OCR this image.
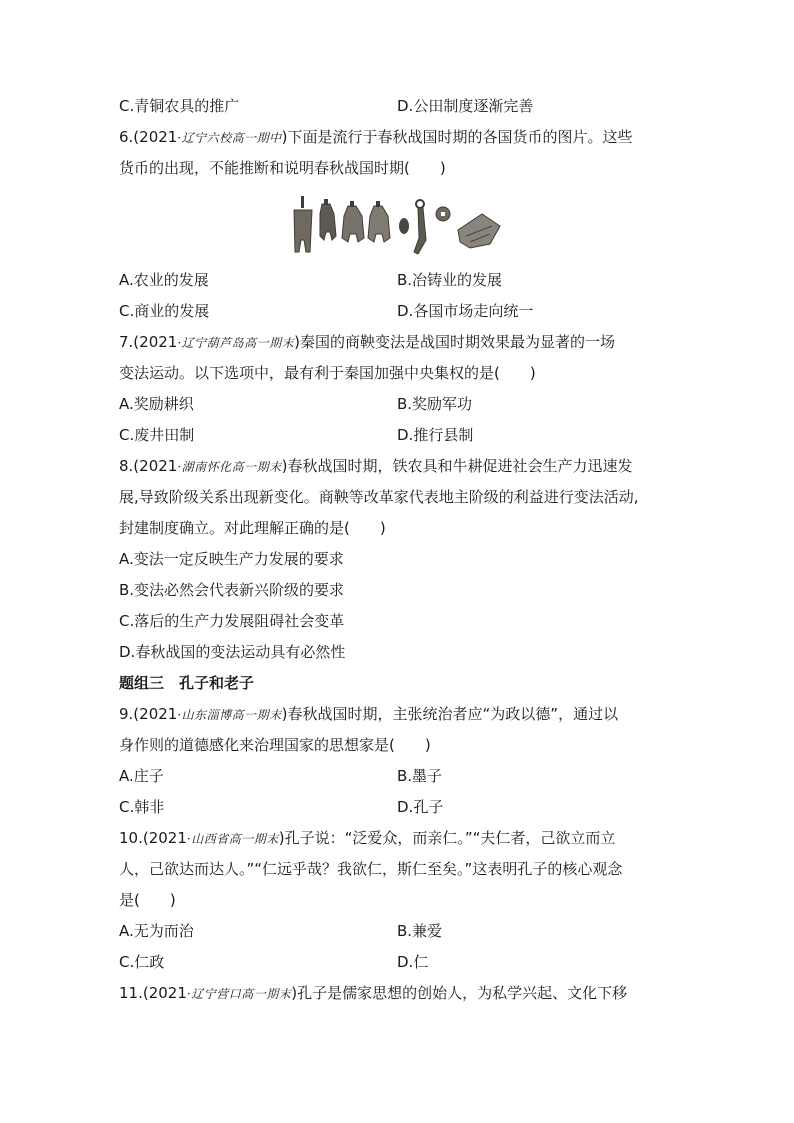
C.青铜农具的推广	D.公田制度逐渐完善
6.(2021·辽宁六校高一期中)下面是流行于春秋战国时期的各国货币的图片。这些
货币的出现，不能推断和说明春秋战国时期(　　)
A.农业的发展	B.冶铸业的发展
C.商业的发展	D.各国市场走向统一
7.(2021·辽宁葫芦岛高一期末)秦国的商鞅变法是战国时期效果最为显著的一场
变法运动。以下选项中，最有利于秦国加强中央集权的是(　　)
A.奖励耕织	B.奖励军功
C.废井田制	D.推行县制
8.(2021·湖南怀化高一期末)春秋战国时期，铁农具和牛耕促进社会生产力迅速发
展,导致阶级关系出现新变化。商鞅等改革家代表地主阶级的利益进行变法活动,
封建制度确立。对此理解正确的是(　　)
A.变法一定反映生产力发展的要求
B.变法必然会代表新兴阶级的要求
C.落后的生产力发展阻碍社会变革
D.春秋战国的变法运动具有必然性
题组三　孔子和老子
9.(2021·山东淄博高一期末)春秋战国时期，主张统治者应“为政以德”，通过以
身作则的道德感化来治理国家的思想家是(　　)
A.庄子	B.墨子
C.韩非	D.孔子
10.(2021·山西省高一期末)孔子说：“泛爱众，而亲仁。”“夫仁者，己欲立而立
人，己欲达而达人。”“仁远乎哉？我欲仁，斯仁至矣。”这表明孔子的核心观念
是(　　)
A.无为而治	B.兼爱
C.仁政	D.仁
11.(2021·辽宁营口高一期末)孔子是儒家思想的创始人，为私学兴起、文化下移
